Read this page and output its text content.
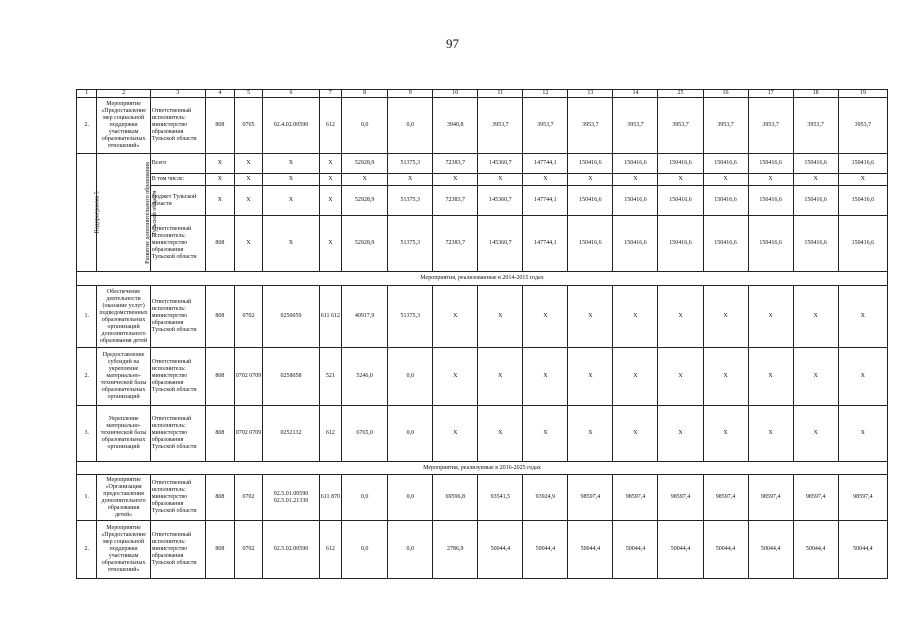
97
1	2	3	4	5	6	7	8	9	10	11	12	13	14	25	16	17	18	19
2.	Мероприятие «Предоставление мер социальной поддержки участникам образовательных отношений»	Ответственный исполнитель: министерство образования Тульской области	808	0705	02.4.02.00590	612	0,0	0,0	3940,8	3953,7	3953,7	3953,7	3953,7	3953,7	3953,7	3953,7	3953,7	3953,7
Подпрограмма 5	Развитие дополнительного образования Тульской области	Всего	X	X	X	X	52928,9	51375,3	72383,7	145360,7	147744,1	150416,6	150416,6	150416,6	150416,6	150416,6	150416,6	150416,6
		В том числе:	X	X	X	X	X	X	X	X	X	X	X	X	X	X	X	X
		бюджет Тульской области	X	X	X	X	52928,9	51375,3	72383,7	145360,7	147744,1	150416,6	150416,6	150416,6	150416,6	150416,6	150416,6	150416,6
		Ответственный исполнитель: министерство образования Тульской области	808	X	X	X	52928,9	51375,3	72383,7	145360,7	147744,1	150416,6	150416,6	150416,6	150416,6	150416,6	150416,6	150416,6
Мероприятия, реализованные в 2014-2015 годах																		
1.	Обеспечение деятельности (оказание услуг) подведомственных образовательных организаций дополнительного образования детей	Ответственный исполнитель: министерство образования Тульской области	808	0702	0250059	611 612	40917,9	51375,3	X	X	X	X	X	X	X	X	X	X
2.	Предоставление субсидий на укрепление материально-технической базы образовательных организаций	Ответственный исполнитель: министерство образования Тульской области	808	0702 0709	0258058	521	5246,0	0,0	X	X	X	X	X	X	X	X	X	X
3.	Укрепление материально-технической базы образовательных организаций	Ответственный исполнитель: министерство образования Тульской области	808	0702 0709	0252132	612	6765,0	0,0	X	X	X	X	X	X	X	X	X	X
Мероприятия, реализуемые в 2016-2025 годах																		
1.	Мероприятие «Организация предоставления дополнительного образования детей»	Ответственный исполнитель: министерство образования Тульской области	808	0702	02.5.01.00590 02.5.01.21330	611 870	0,0	0,0	69596,8	93541,5	93924,9	98597,4	98597,4	98597,4	98597,4	98597,4	98597,4	98597,4
2.	Мероприятие «Предоставление мер социальной поддержки участникам образовательных отношений»	Ответственный исполнитель: министерство образования Тульской области	808	0702	02.5.02.00590	612	0,0	0,0	2786,9	50044,4	50044,4	50044,4	50044,4	50044,4	50044,4	50044,4	50044,4	50044,4
